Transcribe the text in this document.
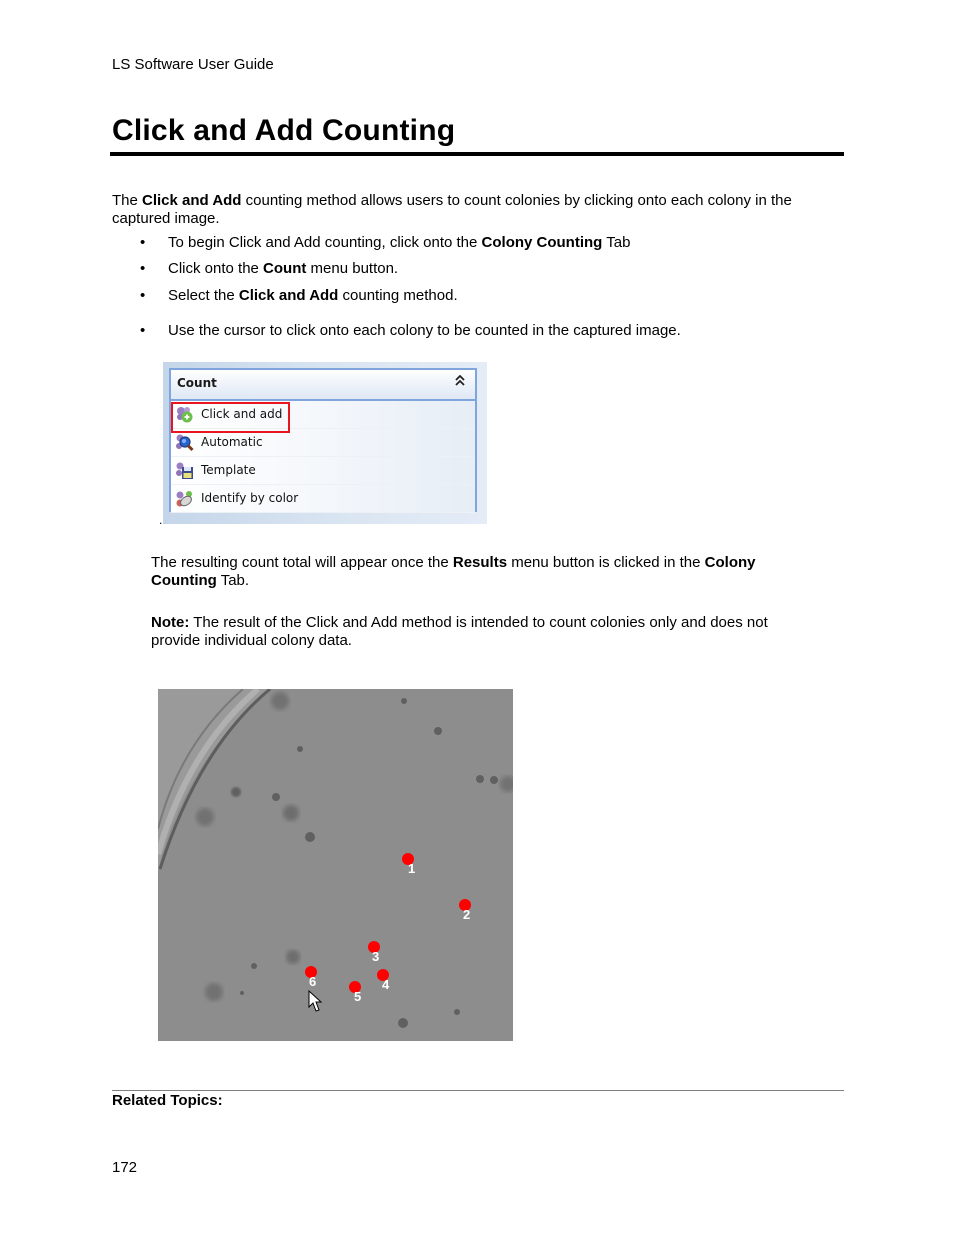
LS Software User Guide
Click and Add Counting
The Click and Add counting method allows users to count colonies by clicking onto each colony in the captured image.
• To begin Click and Add counting, click onto the Colony Counting Tab
• Click onto the Count menu button.
• Select the Click and Add counting method.
• Use the cursor to click onto each colony to be counted in the captured image.
Count
Click and add
Automatic
Template
Identify by color
.
The resulting count total will appear once the Results menu button is clicked in the Colony Counting Tab.
Note: The result of the Click and Add method is intended to count colonies only and does not provide individual colony data.
1
2
3
4
5
6
Related Topics:
172
